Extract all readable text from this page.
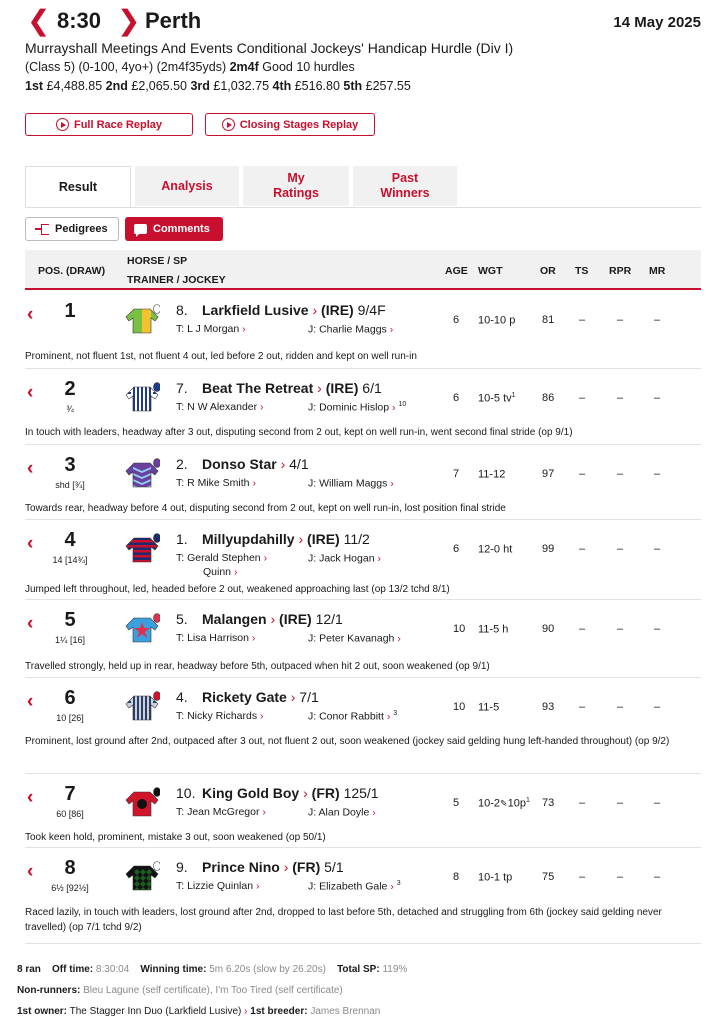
❮ 8:30 ❯ Perth	14 May 2025
Murrayshall Meetings And Events Conditional Jockeys' Handicap Hurdle (Div I)
(Class 5) (0-100, 4yo+) (2m4f35yds) 2m4f Good 10 hurdles
1st £4,488.85 2nd £2,065.50 3rd £1,032.75 4th £516.80 5th £257.55
Full Race Replay	Closing Stages Replay
Result	Analysis
My
Ratings
Past
Winners
Pedigrees	Comments
POS. (DRAW)
HORSE / SP
TRAINER / JOCKEY
AGE WGT	OR TS RPR MR
‹	1	8. Larkfield Lusive › (IRE) 9/4F
T: L J Morgan ›	J: Charlie Maggs ›
6 10-10 p 81 –	–	–
Prominent, not fluent 1st, not fluent 4 out, led before 2 out, ridden and kept on well run-in
‹	2
¾
7. Beat The Retreat › (IRE) 6/1
T: N W Alexander ›	J: Dominic Hislop › $^{10}$
6 10-5 $tv^1$ 86 –	–	–
In touch with leaders, headway after 3 out, disputing second from 2 out, kept on well run-in, went second final stride (op 9/1)
‹	3
shd [¾]
2. Donso Star › 4/1
T: R Mike Smith ›	J: William Maggs ›
7 11-12	97 –	–	–
Towards rear, headway before 4 out, disputing second from 2 out, kept on well run-in, lost position final stride
‹	4
14 [14¾]
1. Millyupdahilly › (IRE) 11/2
T: Gerald Stephen ›
Quinn ›
J: Jack Hogan ›
6 12-0 ht	99 –	–	–
Jumped left throughout, led, headed before 2 out, weakened approaching last (op 13/2 tchd 8/1)
‹	5
1¼ [16]
5. Malangen › (IRE) 12/1
T: Lisa Harrison ›	J: Peter Kavanagh ›
10 11-5 h	90 –	–	–
Travelled strongly, held up in rear, headway before 5th, outpaced when hit 2 out, soon weakened (op 9/1)
‹	6
10 [26]
4. Rickety Gate › 7/1
T: Nicky Richards ›	J: Conor Rabbitt › $^3$
10 11-5	93 –	–	–
Prominent, lost ground after 2nd, outpaced after 3 out, not fluent 2 out, soon weakened (jockey said gelding hung left-handed throughout) (op 9/2)
‹	7
60 [86]
10. King Gold Boy › (FR) 125/1
T: Jean McGregor ›	J: Alan Doyle ›
5 $10-2​✎10p^1$ 73 –	–	–
Took keen hold, prominent, mistake 3 out, soon weakened (op 50/1)
‹	8
6½ [92½]
9. Prince Nino › (FR) 5/1
T: Lizzie Quinlan ›	J: Elizabeth Gale › $^3$
8 10-1 tp	75 –	–	–
Raced lazily, in touch with leaders, lost ground after 2nd, dropped to last before 5th, detached and struggling from 6th (jockey said gelding never travelled) (op 7/1 tchd 9/2)
8 ran Off time: 8:30:04 Winning time: 5m 6.20s (slow by 26.20s) Total SP: 119%
Non-runners: Bleu Lagune (self certificate), I'm Too Tired (self certificate)
1st owner: The Stagger Inn Duo (Larkfield Lusive) › 1st breeder: James Brennan
